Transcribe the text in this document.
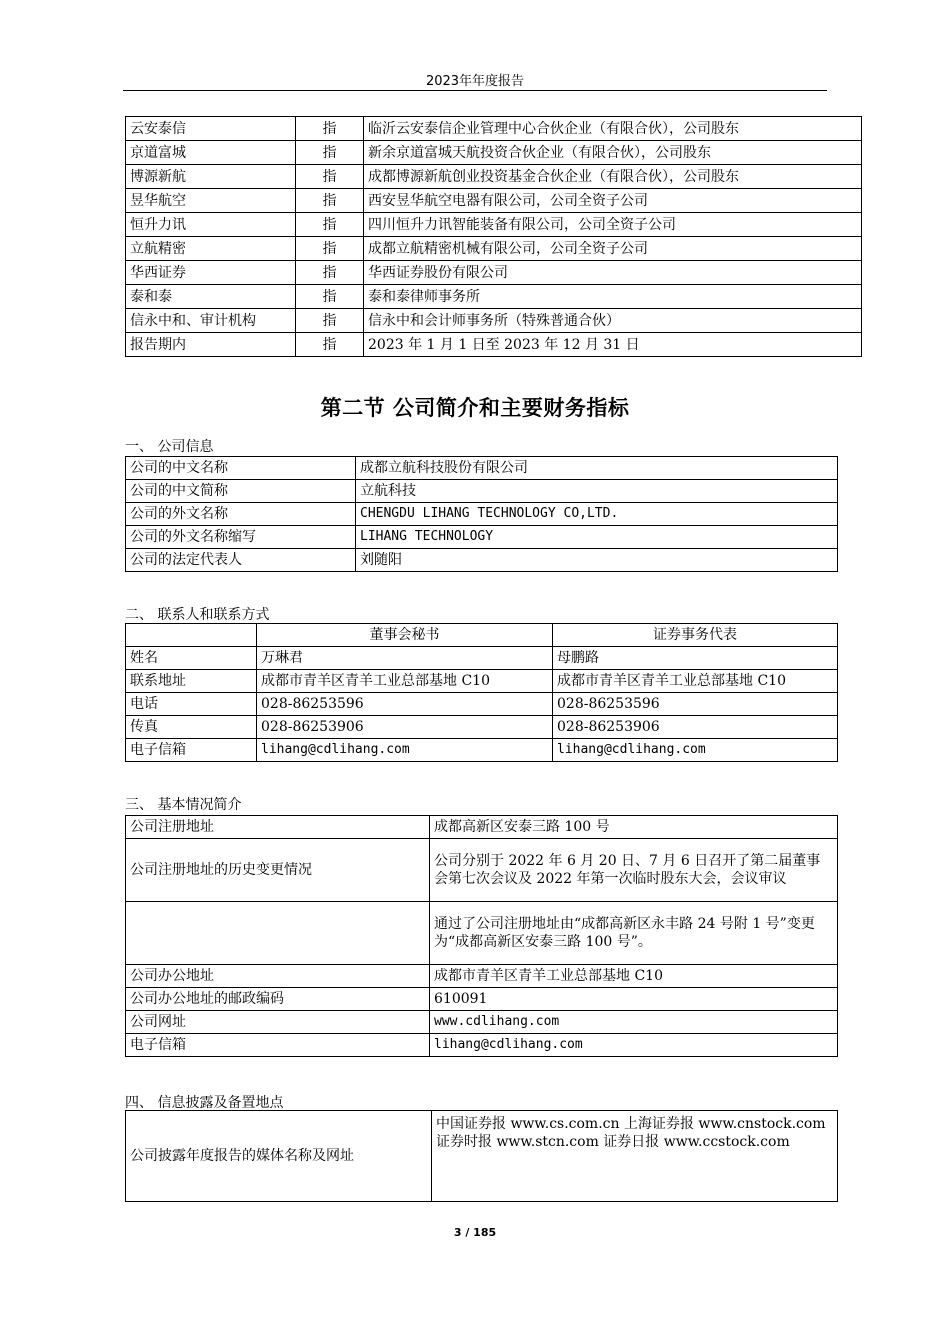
2023年年度报告
云安泰信	指	临沂云安泰信企业管理中心合伙企业（有限合伙），公司股东
京道富城	指	新余京道富城天航投资合伙企业（有限合伙），公司股东
博源新航	指	成都博源新航创业投资基金合伙企业（有限合伙），公司股东
昱华航空	指	西安昱华航空电器有限公司，公司全资子公司
恒升力讯	指	四川恒升力讯智能装备有限公司，公司全资子公司
立航精密	指	成都立航精密机械有限公司，公司全资子公司
华西证券	指	华西证券股份有限公司
泰和泰	指	泰和泰律师事务所
信永中和、审计机构	指	信永中和会计师事务所（特殊普通合伙）
报告期内	指	2023 年 1 月 1 日至 2023 年 12 月 31 日
第二节 公司简介和主要财务指标
一、 公司信息
公司的中文名称	成都立航科技股份有限公司
公司的中文简称	立航科技
公司的外文名称	CHENGDU LIHANG TECHNOLOGY CO,LTD.
公司的外文名称缩写	LIHANG TECHNOLOGY
公司的法定代表人	刘随阳
二、 联系人和联系方式
	董事会秘书	证券事务代表
姓名	万琳君	母鹏路
联系地址	成都市青羊区青羊工业总部基地 C10	成都市青羊区青羊工业总部基地 C10
电话	028-86253596	028-86253596
传真	028-86253906	028-86253906
电子信箱	lihang@cdlihang.com	lihang@cdlihang.com
三、 基本情况简介
公司注册地址	成都高新区安泰三路 100 号
公司注册地址的历史变更情况	公司分别于 2022 年 6 月 20 日、7 月 6 日召开了第二届董事会第七次会议及 2022 年第一次临时股东大会，会议审议
	通过了公司注册地址由“成都高新区永丰路 24 号附 1 号”变更为“成都高新区安泰三路 100 号”。
公司办公地址	成都市青羊区青羊工业总部基地 C10
公司办公地址的邮政编码	610091
公司网址	www.cdlihang.com
电子信箱	lihang@cdlihang.com
四、 信息披露及备置地点
公司披露年度报告的媒体名称及网址	中国证券报 www.cs.com.cn 上海证券报 www.cnstock.com 证券时报 www.stcn.com 证券日报 www.ccstock.com
3 / 185
